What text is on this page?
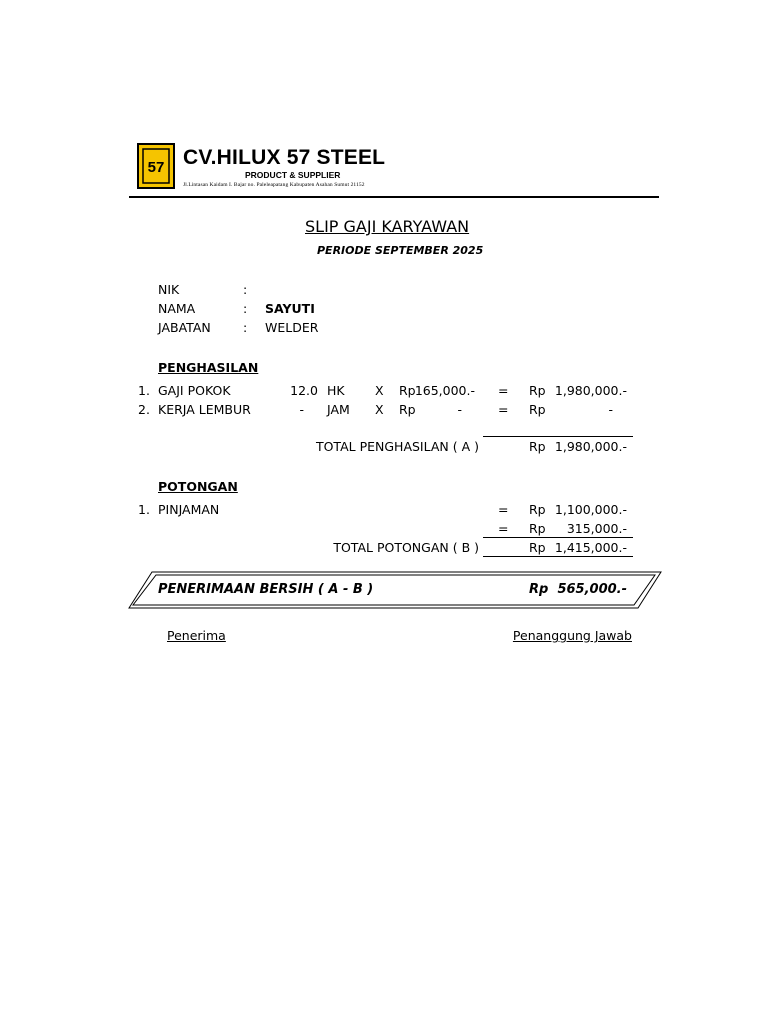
57 CV.HILUX 57 STEEL
PRODUCT & SUPPLIER
Jl.Lintasan Kaidam I. Bajar no. Paleleapatang Kabupaten Asahan Sumut 21152
SLIP GAJI KARYAWAN
PERIODE SEPTEMBER 2025
NIK	:
NAMA	: SAYUTI
JABATAN	: WELDER
PENGHASILAN
1. GAJI POKOK	12.0 HK X Rp 165,000.- = Rp 1,980,000.-
2. KERJA LEMBUR	- JAM X Rp	-	= Rp	-
TOTAL PENGHASILAN ( A )	Rp 1,980,000.-
POTONGAN
1. PINJAMAN	= Rp 1,100,000.-
= Rp	315,000.-
TOTAL POTONGAN ( B )	Rp 1,415,000.-
PENERIMAAN BERSIH ( A - B )	Rp 565,000.-
Penerima	Penanggung Jawab
